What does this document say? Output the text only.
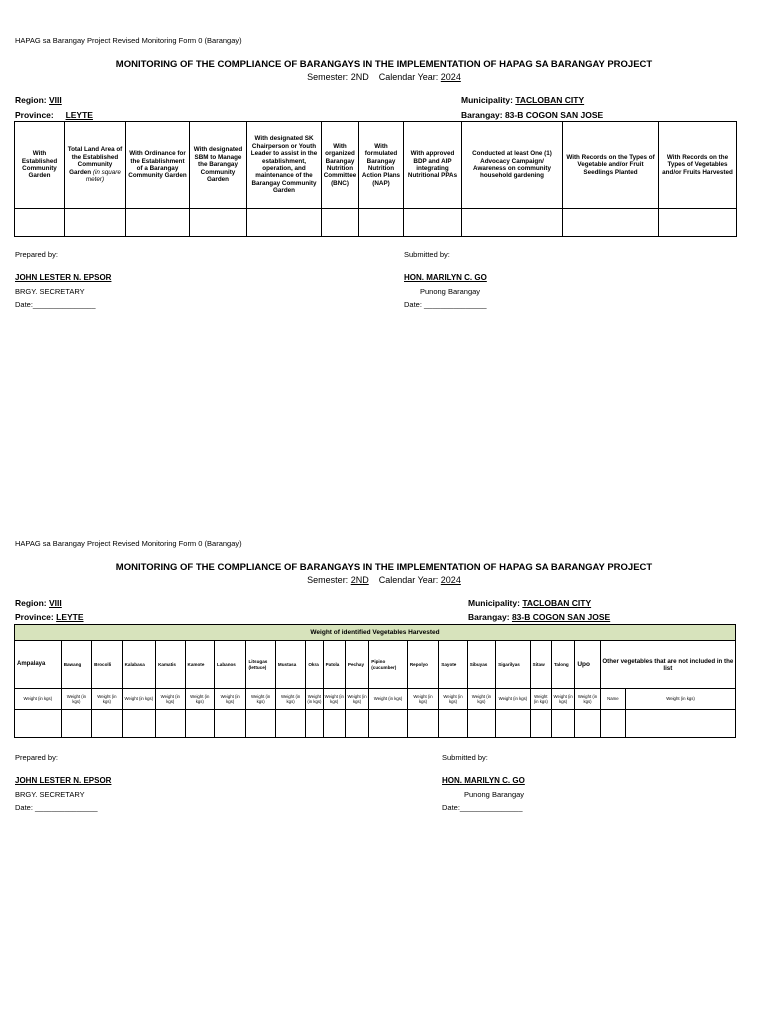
HAPAG sa Barangay Project Revised Monitoring Form 0 (Barangay)
MONITORING OF THE COMPLIANCE OF BARANGAYS IN THE IMPLEMENTATION OF HAPAG SA BARANGAY PROJECT
Semester: 2ND Calendar Year: 2024
Region: VIII
Province: LEYTE
Municipality: TACLOBAN CITY
Barangay: 83-B COGON SAN JOSE
With Established Community Garden	Total Land Area of the Established Community Garden (in square meter)	With Ordinance for the Establishment of a Barangay Community Garden	With designated SBM to Manage the Barangay Community Garden	With designated SK Chairperson or Youth Leader to assist in the establishment, operation, and maintenance of the Barangay Community Garden	With organized Barangay Nutrition Committee (BNC)	With formulated Barangay Nutrition Action Plans (NAP)	With approved BDP and AIP integrating Nutritional PPAs	Conducted at least One (1) Advocacy Campaign/ Awareness on community household gardening	With Records on the Types of Vegetable and/or Fruit Seedlings Planted	With Records on the Types of Vegetables and/or Fruits Harvested

Prepared by:
JOHN LESTER N. EPSOR
BRGY. SECRETARY
Date:_______________
Submitted by:
HON. MARILYN C. GO
Punong Barangay
Date: _______________
HAPAG sa Barangay Project Revised Monitoring Form 0 (Barangay)
MONITORING OF THE COMPLIANCE OF BARANGAYS IN THE IMPLEMENTATION OF HAPAG SA BARANGAY PROJECT
Semester: 2ND Calendar Year: 2024
Region: VIII
Province: LEYTE
Municipality: TACLOBAN CITY
Barangay: 83-B COGON SAN JOSE
Weight of identified Vegetables Harvested																					
Ampalaya	Bawang	Brocolli	Kalabasa	Kamatis	Kamote	Labanos	Litsugas (lettuce)	Mustasa	Okra	Patola	Pechay	Pipino (cucumber)	Repolyo	Sayote	Sibuyas	Sigarilyas	Sitaw	Talong	Upo	Other vegetables that are not included in the list	
Weight (in kgs)	Weight (in kgs)	Weight (in kgs)	Weight (in kgs)	Weight (in kgs)	Weight (in kgs)	Weight (in kgs)	Weight (in kgs)	Weight (in kgs)	Weight (in kgs)	Weight (in kgs)	Weight (in kgs)	Weight (in kgs)	Weight (in kgs)	Weight (in kgs)	Weight (in kgs)	Weight (in kgs)	Weight (in kgs)	Weight (in kgs)	Weight (in kgs)	Name	Weight (in kgs)

Prepared by:
JOHN LESTER N. EPSOR
BRGY. SECRETARY
Date: _______________
Submitted by:
HON. MARILYN C. GO
Punong Barangay
Date:_______________
